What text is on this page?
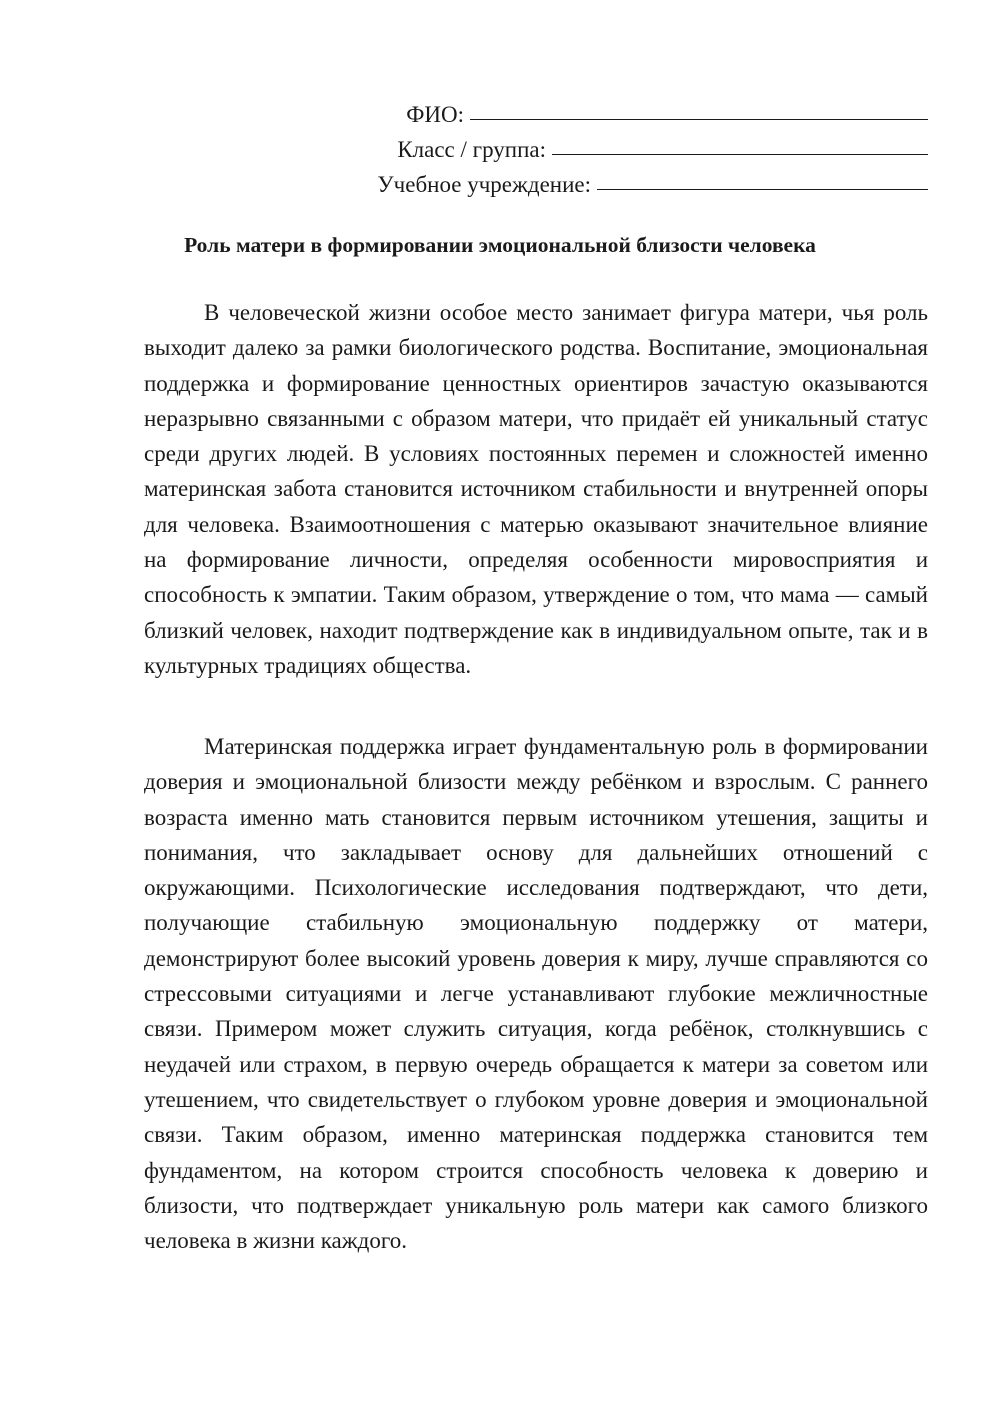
ФИО:
Класс / группа:
Учебное учреждение:
Роль матери в формировании эмоциональной близости человека

В человеческой жизни особое место занимает фигура матери, чья роль выходит далеко за рамки биологического родства. Воспитание, эмоциональная поддержка и формирование ценностных ориентиров зачастую оказываются неразрывно связанными с образом матери, что придаёт ей уникальный статус среди других людей. В условиях постоянных перемен и сложностей именно материнская забота становится источником стабильности и внутренней опоры для человека. Взаимоотношения с матерью оказывают значительное влияние на формирование личности, определяя особенности мировосприятия и способность к эмпатии. Таким образом, утверждение о том, что мама — самый близкий человек, находит подтверждение как в индивидуальном опыте, так и в культурных традициях общества.

Материнская поддержка играет фундаментальную роль в формировании доверия и эмоциональной близости между ребёнком и взрослым. С раннего возраста именно мать становится первым источником утешения, защиты и понимания, что закладывает основу для дальнейших отношений с окружающими. Психологические исследования подтверждают, что дети, получающие стабильную эмоциональную поддержку от матери, демонстрируют более высокий уровень доверия к миру, лучше справляются со стрессовыми ситуациями и легче устанавливают глубокие межличностные связи. Примером может служить ситуация, когда ребёнок, столкнувшись с неудачей или страхом, в первую очередь обращается к матери за советом или утешением, что свидетельствует о глубоком уровне доверия и эмоциональной связи. Таким образом, именно материнская поддержка становится тем фундаментом, на котором строится способность человека к доверию и близости, что подтверждает уникальную роль матери как самого близкого человека в жизни каждого.
